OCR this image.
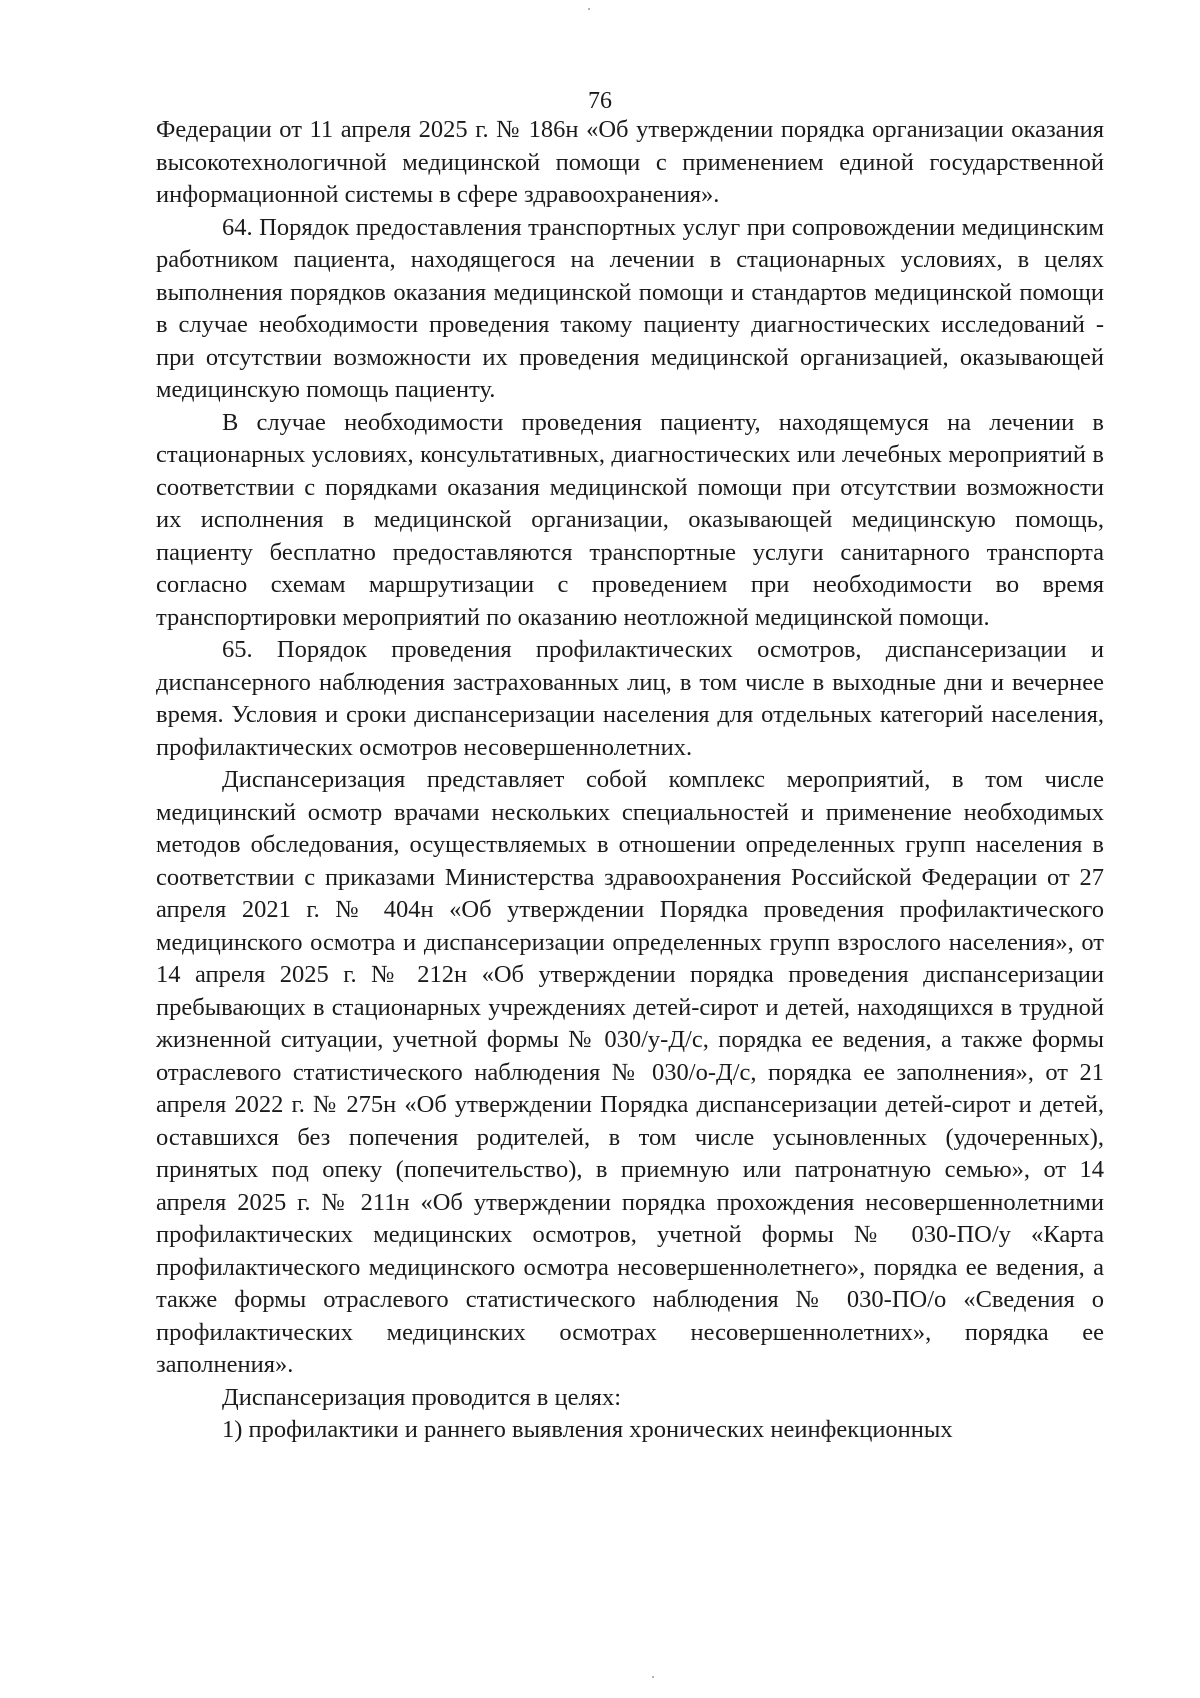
76

Федерации от 11 апреля 2025 г. № 186н «Об утверждении порядка организации оказания высокотехнологичной медицинской помощи с применением единой государственной информационной системы в сфере здравоохранения».

64. Порядок предоставления транспортных услуг при сопровождении медицинским работником пациента, находящегося на лечении в стационарных условиях, в целях выполнения порядков оказания медицинской помощи и стандартов медицинской помощи в случае необходимости проведения такому пациенту диагностических исследований - при отсутствии возможности их проведения медицинской организацией, оказывающей медицинскую помощь пациенту.

В случае необходимости проведения пациенту, находящемуся на лечении в стационарных условиях, консультативных, диагностических или лечебных мероприятий в соответствии с порядками оказания медицинской помощи при отсутствии возможности их исполнения в медицинской организации, оказывающей медицинскую помощь, пациенту бесплатно предоставляются транспортные услуги санитарного транспорта согласно схемам маршрутизации с проведением при необходимости во время транспортировки мероприятий по оказанию неотложной медицинской помощи.

65. Порядок проведения профилактических осмотров, диспансеризации и диспансерного наблюдения застрахованных лиц, в том числе в выходные дни и вечернее время. Условия и сроки диспансеризации населения для отдельных категорий населения, профилактических осмотров несовершеннолетних.

Диспансеризация представляет собой комплекс мероприятий, в том числе медицинский осмотр врачами нескольких специальностей и применение необходимых методов обследования, осуществляемых в отношении определенных групп населения в соответствии с приказами Министерства здравоохранения Российской Федерации от 27 апреля 2021 г. № 404н «Об утверждении Порядка проведения профилактического медицинского осмотра и диспансеризации определенных групп взрослого населения», от 14 апреля 2025 г. № 212н «Об утверждении порядка проведения диспансеризации пребывающих в стационарных учреждениях детей-сирот и детей, находящихся в трудной жизненной ситуации, учетной формы № 030/у-Д/с, порядка ее ведения, а также формы отраслевого статистического наблюдения № 030/о-Д/с, порядка ее заполнения», от 21 апреля 2022 г. № 275н «Об утверждении Порядка диспансеризации детей-сирот и детей, оставшихся без попечения родителей, в том числе усыновленных (удочеренных), принятых под опеку (попечительство), в приемную или патронатную семью», от 14 апреля 2025 г. № 211н «Об утверждении порядка прохождения несовершеннолетними профилактических медицинских осмотров, учетной формы № 030-ПО/у «Карта профилактического медицинского осмотра несовершеннолетнего», порядка ее ведения, а также формы отраслевого статистического наблюдения № 030-ПО/о «Сведения о профилактических медицинских осмотрах несовершеннолетних», порядка ее заполнения».

Диспансеризация проводится в целях:

1) профилактики и раннего выявления хронических неинфекционных
